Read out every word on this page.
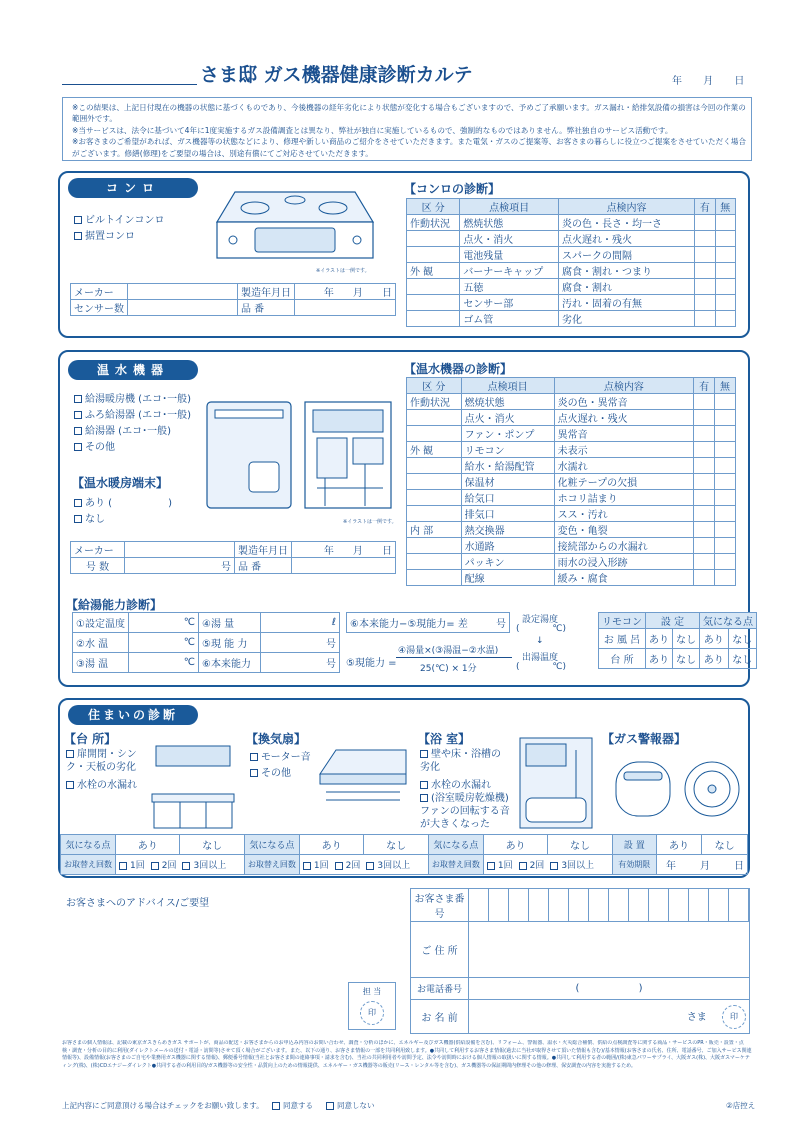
さま邸 ガス機器健康診断カルテ	年 月 日
※この結果は、上記日付現在の機器の状態に基づくものであり、今後機器の経年劣化により状態が変化する場合もございますので、予めご了承願います。ガス漏れ・給排気設備の損害は今回の作業の範囲外です。
※当サービスは、法令に基づいて4年に1度実施するガス設備調査とは異なり、弊社が独自に実施しているもので、強制的なものではありません。弊社独自のサービス活動です。
※お客さまのご希望があれば、ガス機器等の状態などにより、修理や新しい商品のご紹介をさせていただきます。また電気・ガスのご提案等、お客さまの暮らしに役立つご提案をさせていただく場合がございます。修繕(修理)をご要望の場合は、別途有償にてご対応させていただきます。
コンロ
ビルトインコンロ
据置コンロ
※イラストは一例です。
メーカー		製造年月日	年 月 日
センサー数		品 番	
【コンロの診断】
区 分	点検項目	点検内容	有	無
作動状況	燃焼状態	炎の色・長さ・均一さ		
	点火・消火	点火遅れ・残火		
	電池残量	スパークの間隔		
外 観	バーナーキャップ	腐食・割れ・つまり		
	五徳	腐食・割れ		
	センサー部	汚れ・固着の有無		
	ゴム管	劣化		
温水機器
給湯暖房機 (エコ･一般)
ふろ給湯器 (エコ･一般)
給湯器 (エコ･一般)
その他
【温水暖房端末】
あり (	)
なし	※イラストは一例です。
メーカー		製造年月日	年 月 日
号 数	号	品 番	
【温水機器の診断】
区 分	点検項目	点検内容	有	無
作動状況	燃焼状態	炎の色・異常音		
	点火・消火	点火遅れ・残火		
	ファン・ポンプ	異常音		
外 観	リモコン	未表示		
	給水・給湯配管	水濡れ		
	保温材	化粧テープの欠損		
	給気口	ホコリ詰まり		
	排気口	スス・汚れ		
内 部	熱交換器	変色・亀裂		
	水通路	接続部からの水漏れ		
	パッキン	雨水の浸入形跡		
	配線	緩み・腐食		
【給湯能力診断】
①設定温度	℃	④湯 量	ℓ
②水 温	℃	⑤現 能 力	号
③湯 温	℃	⑥本来能力	号
⑥本来能力−⑤現能力= 差	号
⑤現能力 =
④湯量×(③湯温−②水温)
25(℃) × 1分
設定湯度
( ℃)
↓
出湯温度
( ℃)
リモコン	設 定		気になる点	
お 風 呂	あり	なし	あり	なし
台 所	あり	なし	あり	なし
住まいの診断
【台 所】
扉開閉・シンク・天板の劣化
水栓の水漏れ
【換気扇】
モーター音
その他
【浴 室】
壁や床・浴槽の劣化
水栓の水漏れ
(浴室暖房乾燥機) ファンの回転する音が大きくなった
【ガス警報器】
気になる点	あり	なし	気になる点	あり	なし	気になる点	あり	なし	設 置	あり	なし
お取替え回数	1回 2回 3回以上		お取替え回数	1回 2回 3回以上		お取替え回数	1回 2回 3回以上		有効期限	年 月 日	
お客さまへのアドバイス/ご要望
担 当
印
お客さま番 号	

ご 住 所	
お電話番号	( )
お 名 前	さま 印
お客さまの個人情報は、記載の東京ガスきらめきガス サポートが、商品の配送・お客さまからのお申込み内容のお問い合わせ、調査・分析のほかに、エネルギー及びガス機器(供給設備を含む)、リフォーム、警報器、温水・火災総合補償、供給の点検調査等に関する商品・サービスのPR・販売・設置・点検・調査・分析の目的に利用(ダイレクトメールの送付・電話・訪問等)させて頂く場合がございます。また、以下の通り、お客さま情報の一部を共同利用致します。●共同して利用するお客さま情報(過去に当社が取得させて頂いた情報も含む)/基本情報(お客さまの氏名、住所、電話番号、ご加入サービス関連情報等)、設備情報(お客さまのご自宅や業務用ガス機器に関する情報)、郵便番号情報(当社とお客さま間の連絡事項・請求を含む)、当社の共同利用者や訪問予定、法令や訪問時における個人情報の取扱いに関する情報。●共同して利用する者の範囲/(株)東急パワーサプライ、大阪ガス(株)、大阪ガスマーケティング(株)、(株)CDエナジーダイレクト●共同する者の利用目的/ガス機器等の安全性・品質向上のための情報提供、エネルギー・ガス機器等の販売(リース・レンタル等を含む)、ガス機器等の保証期間内修理その他の修理、保安調査の内容を実施するため。
上記内容にご同意頂ける場合はチェックをお願い致します。	同意する	同意しない	②店控え
